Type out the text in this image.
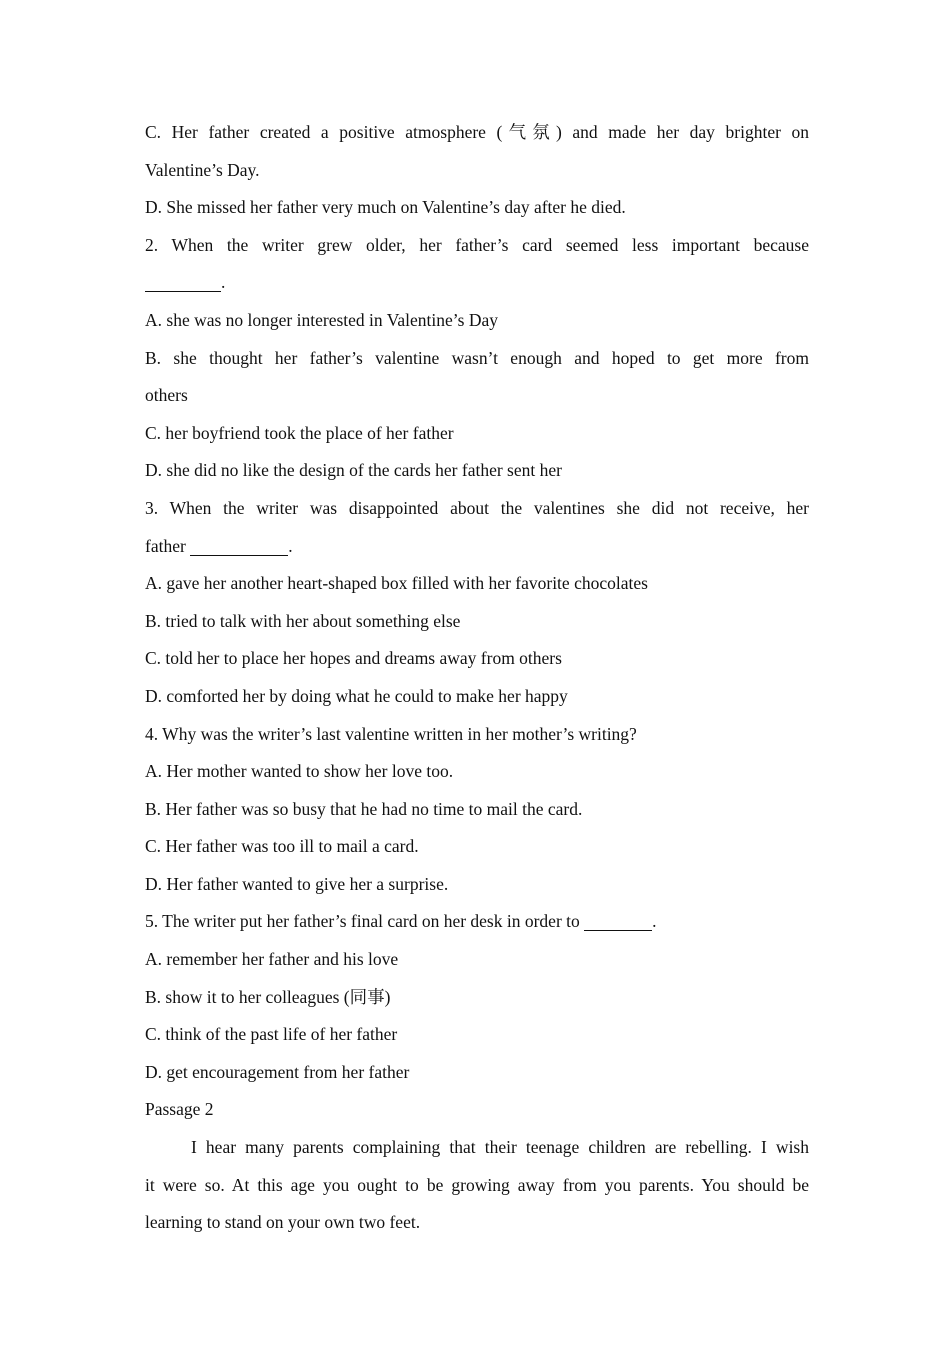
C. Her father created a positive atmosphere (气氛) and made her day brighter on
Valentine’s Day.
D. She missed her father very much on Valentine’s day after he died.
2. When the writer grew older, her father’s card seemed less important because
.
A. she was no longer interested in Valentine’s Day
B. she thought her father’s valentine wasn’t enough and hoped to get more from
others
C. her boyfriend took the place of her father
D. she did no like the design of the cards her father sent her
3. When the writer was disappointed about the valentines she did not receive, her
father	.
A. gave her another heart-shaped box filled with her favorite chocolates
B. tried to talk with her about something else
C. told her to place her hopes and dreams away from others
D. comforted her by doing what he could to make her happy
4. Why was the writer’s last valentine written in her mother’s writing?
A. Her mother wanted to show her love too.
B. Her father was so busy that he had no time to mail the card.
C. Her father was too ill to mail a card.
D. Her father wanted to give her a surprise.
5. The writer put her father’s final card on her desk in order to	.
A. remember her father and his love
B. show it to her colleagues (同事)
C. think of the past life of her father
D. get encouragement from her father
Passage 2
I hear many parents complaining that their teenage children are rebelling. I wish
it were so. At this age you ought to be growing away from you parents. You should be
learning to stand on your own two feet.
